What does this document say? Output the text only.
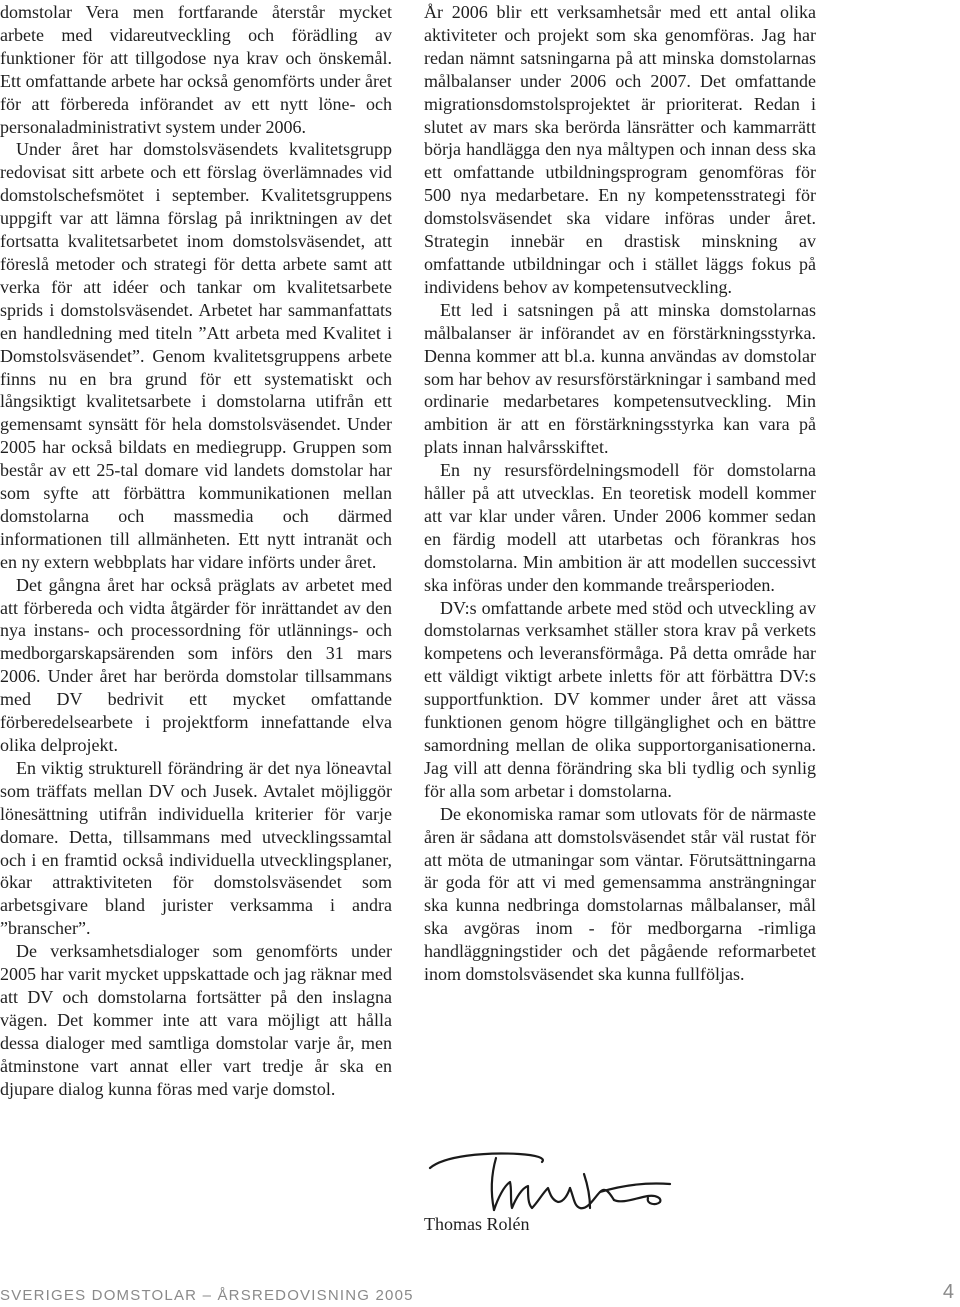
domstolar Vera men fortfarande återstår mycket arbete med vidareutveckling och förädling av funktioner för att tillgodose nya krav och önskemål. Ett omfattande arbete har också genomförts under året för att förbereda införandet av ett nytt löne- och personaladministrativt system under 2006.

Under året har domstolsväsendets kvalitetsgrupp redovisat sitt arbete och ett förslag överlämnades vid domstolschefsmötet i september. Kvalitetsgruppens uppgift var att lämna förslag på inriktningen av det fortsatta kvalitetsarbetet inom domstolsväsendet, att föreslå metoder och strategi för detta arbete samt att verka för att idéer och tankar om kvalitetsarbete sprids i domstolsväsendet. Arbetet har sammanfattats en handledning med titeln ”Att arbeta med Kvalitet i Domstolsväsendet”. Genom kvalitetsgruppens arbete finns nu en bra grund för ett systematiskt och långsiktigt kvalitetsarbete i domstolarna utifrån ett gemensamt synsätt för hela domstolsväsendet. Under 2005 har också bildats en mediegrupp. Gruppen som består av ett 25-tal domare vid landets domstolar har som syfte att förbättra kommunikationen mellan domstolarna och massmedia och därmed informationen till allmänheten. Ett nytt intranät och en ny extern webbplats har vidare införts under året.

Det gångna året har också präglats av arbetet med att förbereda och vidta åtgärder för inrättandet av den nya instans- och processordning för utlännings- och medborgarskapsärenden som införs den 31 mars 2006. Under året har berörda domstolar tillsammans med DV bedrivit ett mycket omfattande förberedelsearbete i projektform innefattande elva olika delprojekt.

En viktig strukturell förändring är det nya löneavtal som träffats mellan DV och Jusek. Avtalet möjliggör lönesättning utifrån individuella kriterier för varje domare. Detta, tillsammans med utvecklingssamtal och i en framtid också individuella utvecklingsplaner, ökar attraktiviteten för domstolsväsendet som arbetsgivare bland jurister verksamma i andra ”branscher”.

De verksamhetsdialoger som genomförts under 2005 har varit mycket uppskattade och jag räknar med att DV och domstolarna fortsätter på den inslagna vägen. Det kommer inte att vara möjligt att hålla dessa dialoger med samtliga domstolar varje år, men åtminstone vart annat eller vart tredje år ska en djupare dialog kunna föras med varje domstol.

År 2006 blir ett verksamhetsår med ett antal olika aktiviteter och projekt som ska genomföras. Jag har redan nämnt satsningarna på att minska domstolarnas målbalanser under 2006 och 2007. Det omfattande migrationsdomstolsprojektet är prioriterat. Redan i slutet av mars ska berörda länsrätter och kammarrätt börja handlägga den nya måltypen och innan dess ska ett omfattande utbildningsprogram genomföras för 500 nya medarbetare. En ny kompetensstrategi för domstolsväsendet ska vidare införas under året. Strategin innebär en drastisk minskning av omfattande utbildningar och i stället läggs fokus på individens behov av kompetensutveckling.

Ett led i satsningen på att minska domstolarnas målbalanser är införandet av en förstärkningsstyrka. Denna kommer att bl.a. kunna användas av domstolar som har behov av resursförstärkningar i samband med ordinarie medarbetares kompetensutveckling. Min ambition är att en förstärkningsstyrka kan vara på plats innan halvårsskiftet.

En ny resursfördelningsmodell för domstolarna håller på att utvecklas. En teoretisk modell kommer att var klar under våren. Under 2006 kommer sedan en färdig modell att utarbetas och förankras hos domstolarna. Min ambition är att modellen successivt ska införas under den kommande treårsperioden.

DV:s omfattande arbete med stöd och utveckling av domstolarnas verksamhet ställer stora krav på verkets kompetens och leveransförmåga. På detta område har ett väldigt viktigt arbete inletts för att förbättra DV:s supportfunktion. DV kommer under året att vässa funktionen genom högre tillgänglighet och en bättre samordning mellan de olika supportorganisationerna. Jag vill att denna förändring ska bli tydlig och synlig för alla som arbetar i domstolarna.

De ekonomiska ramar som utlovats för de närmaste åren är sådana att domstolsväsendet står väl rustat för att möta de utmaningar som väntar. Förutsättningarna är goda för att vi med gemensamma ansträngningar ska kunna nedbringa domstolarnas målbalanser, mål ska avgöras inom - för medborgarna -rimliga handläggningstider och det pågående reformarbetet inom domstolsväsendet ska kunna fullföljas.

Thomas Rolén
SVERIGES DOMSTOLAR – ÅRSREDOVISNING 2005	4
